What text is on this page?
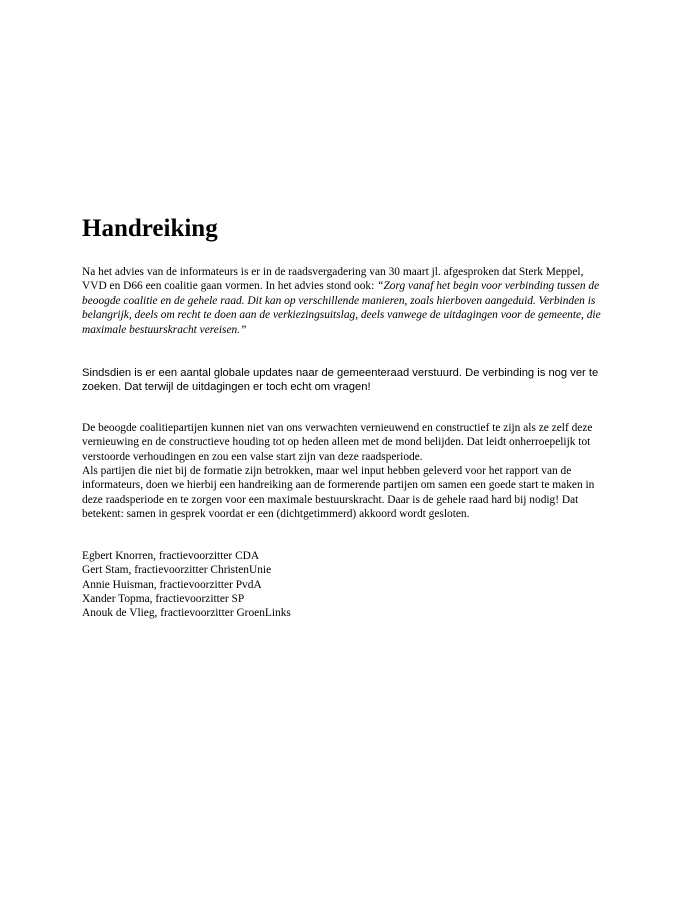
Handreiking

Na het advies van de informateurs is er in de raadsvergadering van 30 maart jl. afgesproken dat Sterk Meppel, VVD en D66 een coalitie gaan vormen. In het advies stond ook: “Zorg vanaf het begin voor verbinding tussen de beoogde coalitie en de gehele raad. Dit kan op verschillende manieren, zoals hierboven aangeduid. Verbinden is belangrijk, deels om recht te doen aan de verkiezingsuitslag, deels vanwege de uitdagingen voor de gemeente, die maximale bestuurskracht vereisen.”

Sindsdien is er een aantal globale updates naar de gemeenteraad verstuurd. De verbinding is nog ver te zoeken. Dat terwijl de uitdagingen er toch echt om vragen!

De beoogde coalitiepartijen kunnen niet van ons verwachten vernieuwend en constructief te zijn als ze zelf deze vernieuwing en de constructieve houding tot op heden alleen met de mond belijden. Dat leidt onherroepelijk tot verstoorde verhoudingen en zou een valse start zijn van deze raadsperiode.

Als partijen die niet bij de formatie zijn betrokken, maar wel input hebben geleverd voor het rapport van de informateurs, doen we hierbij een handreiking aan de formerende partijen om samen een goede start te maken in deze raadsperiode en te zorgen voor een maximale bestuurskracht. Daar is de gehele raad hard bij nodig! Dat betekent: samen in gesprek voordat er een (dichtgetimmerd) akkoord wordt gesloten.

Egbert Knorren, fractievoorzitter CDA
Gert Stam, fractievoorzitter ChristenUnie
Annie Huisman, fractievoorzitter PvdA
Xander Topma, fractievoorzitter SP
Anouk de Vlieg, fractievoorzitter GroenLinks
